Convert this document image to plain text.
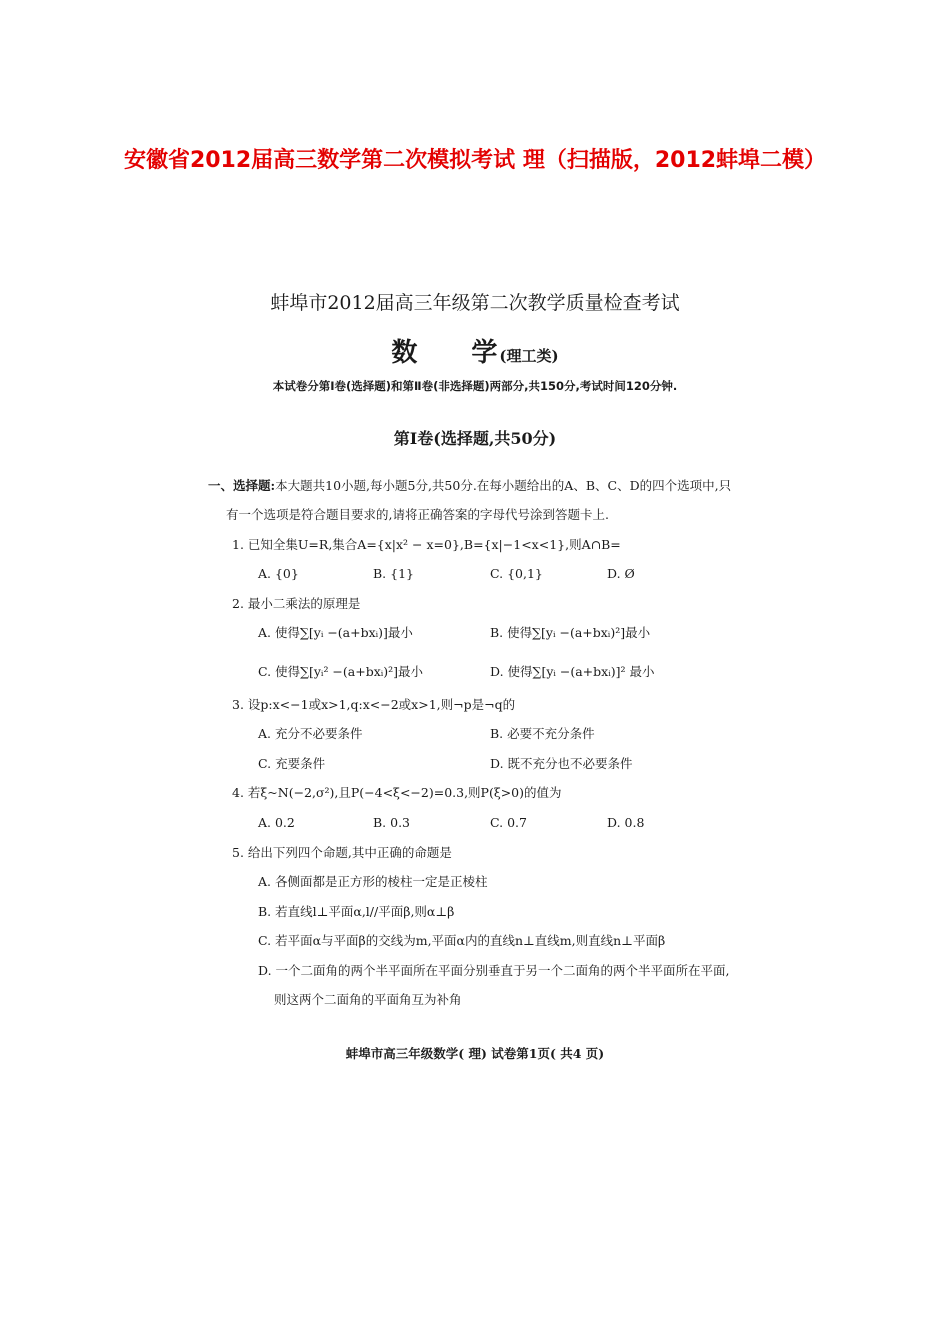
安徽省2012届高三数学第二次模拟考试 理（扫描版，2012蚌埠二模）
蚌埠市2012届高三年级第二次教学质量检查考试
数 学(理工类)
本试卷分第Ⅰ卷(选择题)和第Ⅱ卷(非选择题)两部分,共150分,考试时间120分钟.
第Ⅰ卷(选择题,共50分)
一、选择题:本大题共10小题,每小题5分,共50分.在每小题给出的A、B、C、D的四个选项中,只
有一个选项是符合题目要求的,请将正确答案的字母代号涂到答题卡上.
1. 已知全集U=R,集合A={x|x² − x=0},B={x|−1<x<1},则A∩B=
A. {0}	B. {1}	C. {0,1}	D. Ø
2. 最小二乘法的原理是
A. 使得∑[yᵢ −(a+bxᵢ)]最小	B. 使得∑[yᵢ −(a+bxᵢ)²]最小
C. 使得∑[yᵢ² −(a+bxᵢ)²]最小	D. 使得∑[yᵢ −(a+bxᵢ)]² 最小
3. 设p:x<−1或x>1,q:x<−2或x>1,则¬p是¬q的
A. 充分不必要条件	B. 必要不充分条件
C. 充要条件	D. 既不充分也不必要条件
4. 若ξ~N(−2,σ²),且P(−4<ξ<−2)=0.3,则P(ξ>0)的值为
A. 0.2	B. 0.3	C. 0.7	D. 0.8
5. 给出下列四个命题,其中正确的命题是
A. 各侧面都是正方形的棱柱一定是正棱柱
B. 若直线l⊥平面α,l//平面β,则α⊥β
C. 若平面α与平面β的交线为m,平面α内的直线n⊥直线m,则直线n⊥平面β
D. 一个二面角的两个半平面所在平面分别垂直于另一个二面角的两个半平面所在平面,
则这两个二面角的平面角互为补角
蚌埠市高三年级数学( 理) 试卷第1页( 共4 页)
